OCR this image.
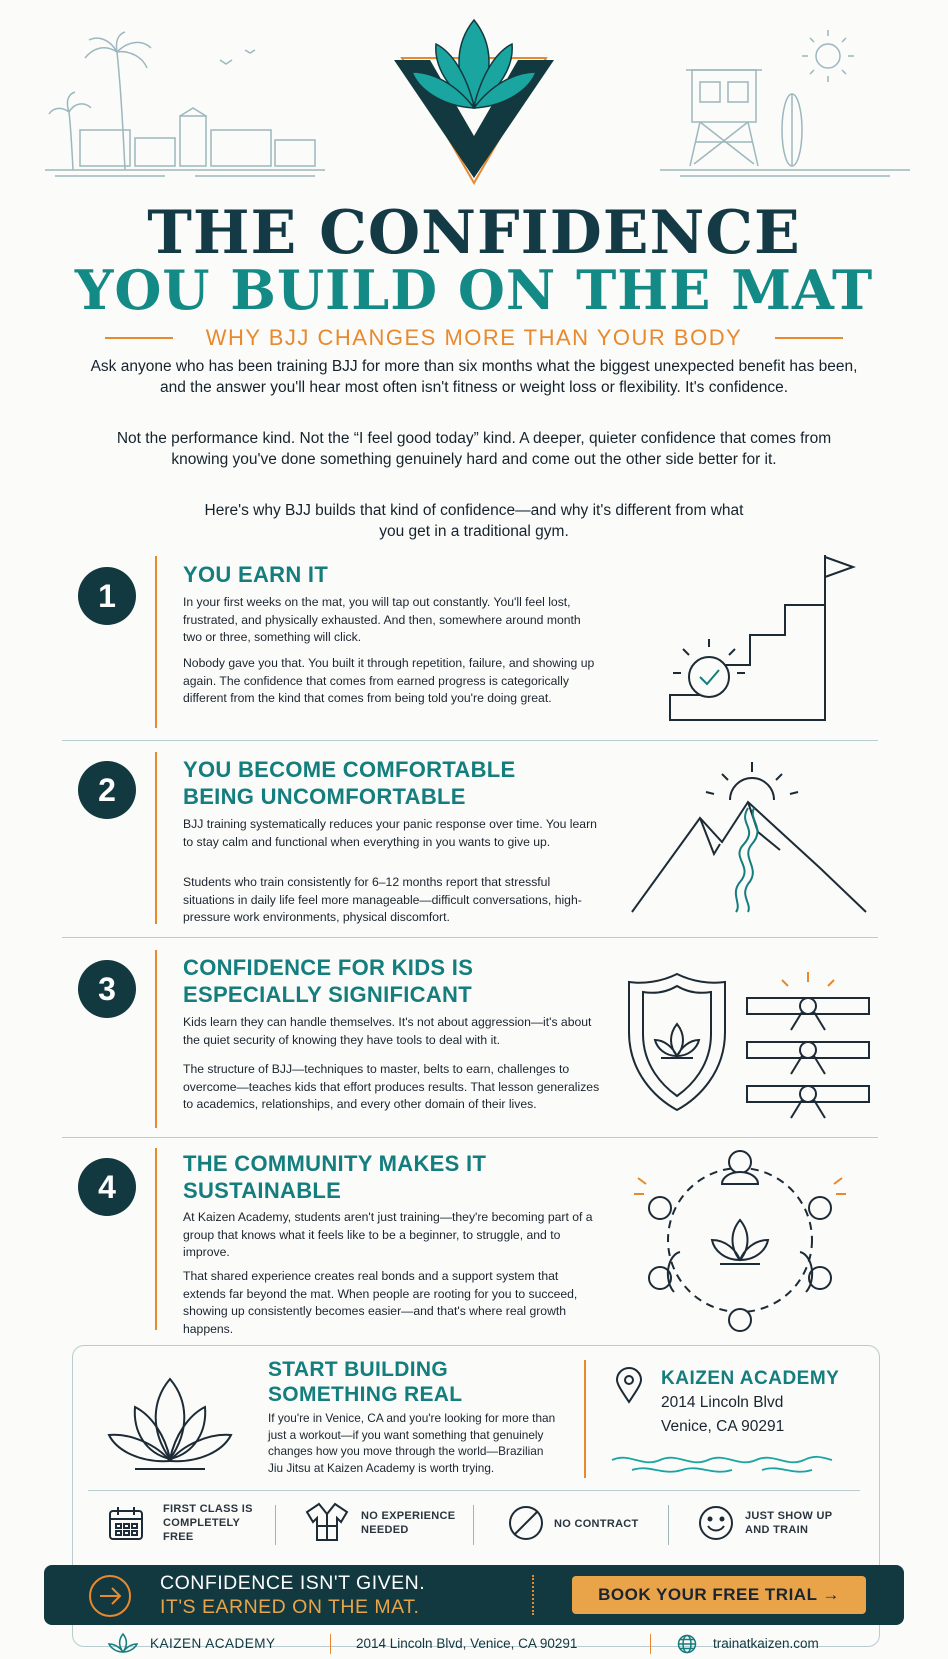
THE CONFIDENCE
YOU BUILD ON THE MAT
WHY BJJ CHANGES MORE THAN YOUR BODY
Ask anyone who has been training BJJ for more than six months what the biggest unexpected benefit has been, and the answer you'll hear most often isn't fitness or weight loss or flexibility. It's confidence.
Not the performance kind. Not the “I feel good today” kind. A deeper, quieter confidence that comes from knowing you've done something genuinely hard and come out the other side better for it.
Here's why BJJ builds that kind of confidence—and why it's different from what you get in a traditional gym.
1
YOU EARN IT
In your first weeks on the mat, you will tap out constantly. You'll feel lost, frustrated, and physically exhausted. And then, somewhere around month two or three, something will click.
Nobody gave you that. You built it through repetition, failure, and showing up again. The confidence that comes from earned progress is categorically different from the kind that comes from being told you're doing great.
2
YOU BECOME COMFORTABLE BEING UNCOMFORTABLE
BJJ training systematically reduces your panic response over time. You learn to stay calm and functional when everything in you wants to give up.
Students who train consistently for 6–12 months report that stressful situations in daily life feel more manageable—difficult conversations, high-pressure work environments, physical discomfort.
3
CONFIDENCE FOR KIDS IS ESPECIALLY SIGNIFICANT
Kids learn they can handle themselves. It's not about aggression—it's about the quiet security of knowing they have tools to deal with it.
The structure of BJJ—techniques to master, belts to earn, challenges to overcome—teaches kids that effort produces results. That lesson generalizes to academics, relationships, and every other domain of their lives.
4
THE COMMUNITY MAKES IT SUSTAINABLE
At Kaizen Academy, students aren't just training—they're becoming part of a group that knows what it feels like to be a beginner, to struggle, and to improve.
That shared experience creates real bonds and a support system that extends far beyond the mat. When people are rooting for you to succeed, showing up consistently becomes easier—and that's where real growth happens.
START BUILDING SOMETHING REAL
If you're in Venice, CA and you're looking for more than just a workout—if you want something that genuinely changes how you move through the world—Brazilian Jiu Jitsu at Kaizen Academy is worth trying.
KAIZEN ACADEMY
2014 Lincoln Blvd
Venice, CA 90291
FIRST CLASS IS COMPLETELY FREE
NO EXPERIENCE NEEDED	NO CONTRACT
JUST SHOW UP AND TRAIN
CONFIDENCE ISN'T GIVEN.
IT'S EARNED ON THE MAT.
BOOK YOUR FREE TRIAL →
KAIZEN ACADEMY	2014 Lincoln Blvd, Venice, CA 90291	trainatkaizen.com
